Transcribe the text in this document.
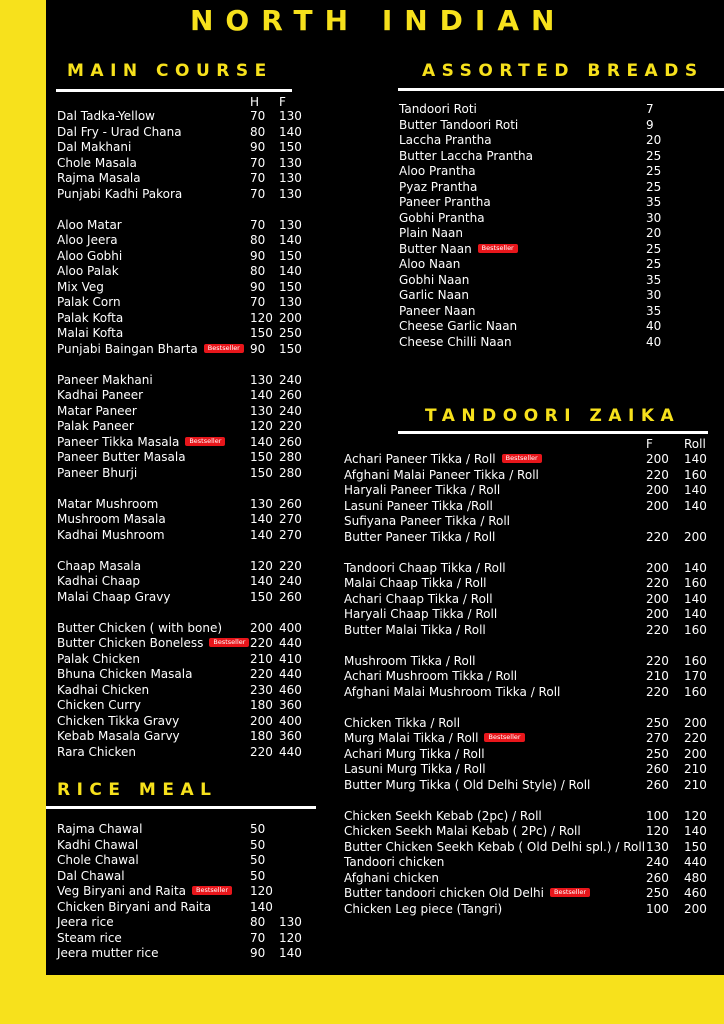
NORTH INDIAN
MAIN COURSE
H F
Dal Tadka-Yellow	70 130
Dal Fry - Urad Chana	80 140
Dal Makhani	90 150
Chole Masala	70 130
Rajma Masala	70 130
Punjabi Kadhi Pakora	70 130
Aloo Matar	70 130
Aloo Jeera	80 140
Aloo Gobhi	90 150
Aloo Palak	80 140
Mix Veg	90 150
Palak Corn	70 130
Palak Kofta	120 200
Malai Kofta	150 250
Punjabi Baingan Bharta Bestseller 90 150
Paneer Makhani	130 240
Kadhai Paneer	140 260
Matar Paneer	130 240
Palak Paneer	120 220
Paneer Tikka Masala Bestseller	140 260
Paneer Butter Masala	150 280
Paneer Bhurji	150 280
Matar Mushroom	130 260
Mushroom Masala	140 270
Kadhai Mushroom	140 270
Chaap Masala	120 220
Kadhai Chaap	140 240
Malai Chaap Gravy	150 260
Butter Chicken ( with bone) 200 400
Butter Chicken Boneless Bestseller 220 440
Palak Chicken	210 410
Bhuna Chicken Masala	220 440
Kadhai Chicken	230 460
Chicken Curry	180 360
Chicken Tikka Gravy	200 400
Kebab Masala Garvy	180 360
Rara Chicken	220 440
RICE MEAL
Rajma Chawal	50
Kadhi Chawal	50
Chole Chawal	50
Dal Chawal	50
Veg Biryani and Raita Bestseller	120
Chicken Biryani and Raita	140
Jeera rice	80 130
Steam rice	70 120
Jeera mutter rice	90 140
ASSORTED BREADS
Tandoori Roti	7
Butter Tandoori Roti	9
Laccha Prantha	20
Butter Laccha Prantha	25
Aloo Prantha	25
Pyaz Prantha	25
Paneer Prantha	35
Gobhi Prantha	30
Plain Naan	20
Butter Naan Bestseller	25
Aloo Naan	25
Gobhi Naan	35
Garlic Naan	30
Paneer Naan	35
Cheese Garlic Naan	40
Cheese Chilli Naan	40
TANDOORI ZAIKA
F	Roll
Achari Paneer Tikka / Roll Bestseller	200 140
Afghani Malai Paneer Tikka / Roll	220 160
Haryali Paneer Tikka / Roll	200 140
Lasuni Paneer Tikka /Roll	200 140
Sufiyana Paneer Tikka / Roll
Butter Paneer Tikka / Roll	220 200
Tandoori Chaap Tikka / Roll	200 140
Malai Chaap Tikka / Roll	220 160
Achari Chaap Tikka / Roll	200 140
Haryali Chaap Tikka / Roll	200 140
Butter Malai Tikka / Roll	220 160
Mushroom Tikka / Roll	220 160
Achari Mushroom Tikka / Roll	210 170
Afghani Malai Mushroom Tikka / Roll	220 160
Chicken Tikka / Roll	250 200
Murg Malai Tikka / Roll Bestseller	270 220
Achari Murg Tikka / Roll	250 200
Lasuni Murg Tikka / Roll	260 210
Butter Murg Tikka ( Old Delhi Style) / Roll	260 210
Chicken Seekh Kebab (2pc) / Roll	100 120
Chicken Seekh Malai Kebab ( 2Pc) / Roll	120 140
Butter Chicken Seekh Kebab ( Old Delhi spl.) / Roll 130 150
Tandoori chicken	240 440
Afghani chicken	260 480
Butter tandoori chicken Old Delhi Bestseller	250 460
Chicken Leg piece (Tangri)	100 200
